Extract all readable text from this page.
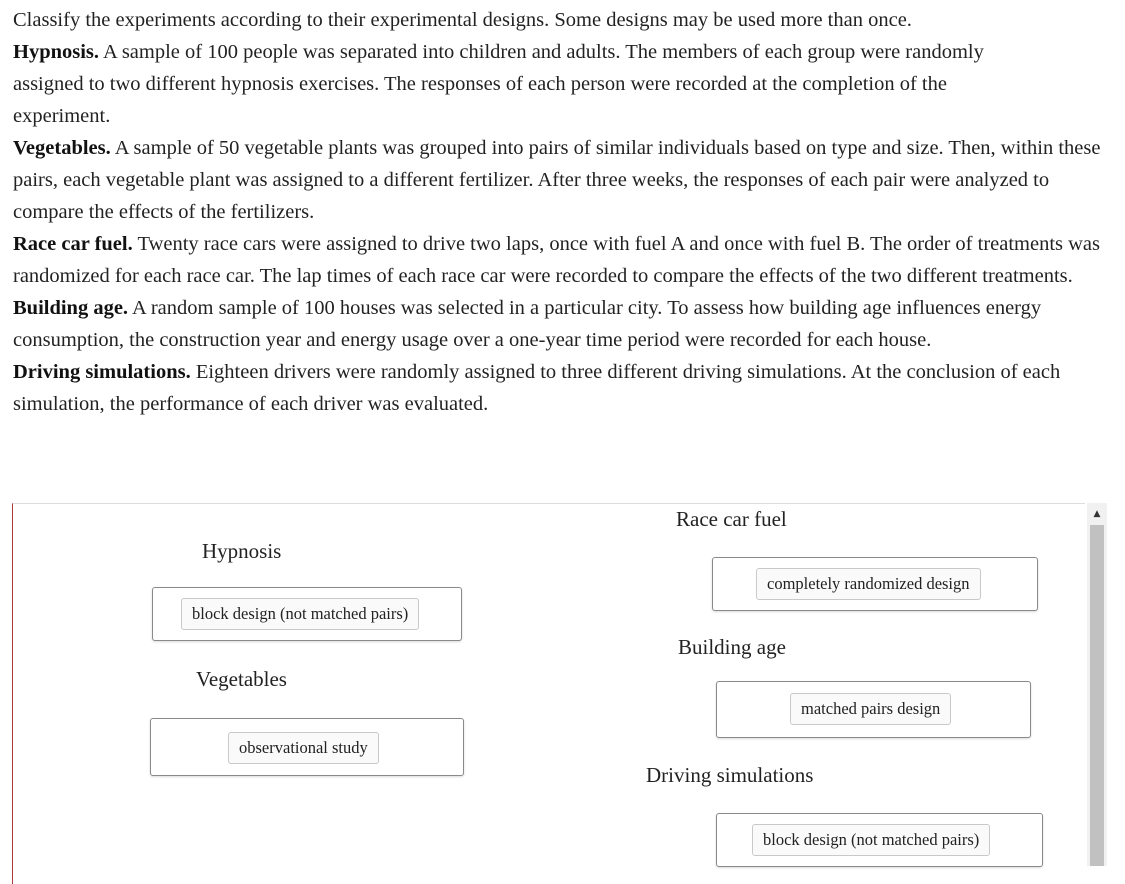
Classify the experiments according to their experimental designs. Some designs may be used more than once.

Hypnosis. A sample of 100 people was separated into children and adults. The members of each group were randomly assigned to two different hypnosis exercises. The responses of each person were recorded at the completion of the experiment.

Vegetables. A sample of 50 vegetable plants was grouped into pairs of similar individuals based on type and size. Then, within these pairs, each vegetable plant was assigned to a different fertilizer. After three weeks, the responses of each pair were analyzed to compare the effects of the fertilizers.

Race car fuel. Twenty race cars were assigned to drive two laps, once with fuel A and once with fuel B. The order of treatments was randomized for each race car. The lap times of each race car were recorded to compare the effects of the two different treatments.

Building age. A random sample of 100 houses was selected in a particular city. To assess how building age influences energy consumption, the construction year and energy usage over a one-year time period were recorded for each house.

Driving simulations. Eighteen drivers were randomly assigned to three different driving simulations. At the conclusion of each simulation, the performance of each driver was evaluated.

Hypnosis
block design (not matched pairs)
Vegetables
observational study
Race car fuel
completely randomized design
Building age
matched pairs design
Driving simulations
block design (not matched pairs)
▲
